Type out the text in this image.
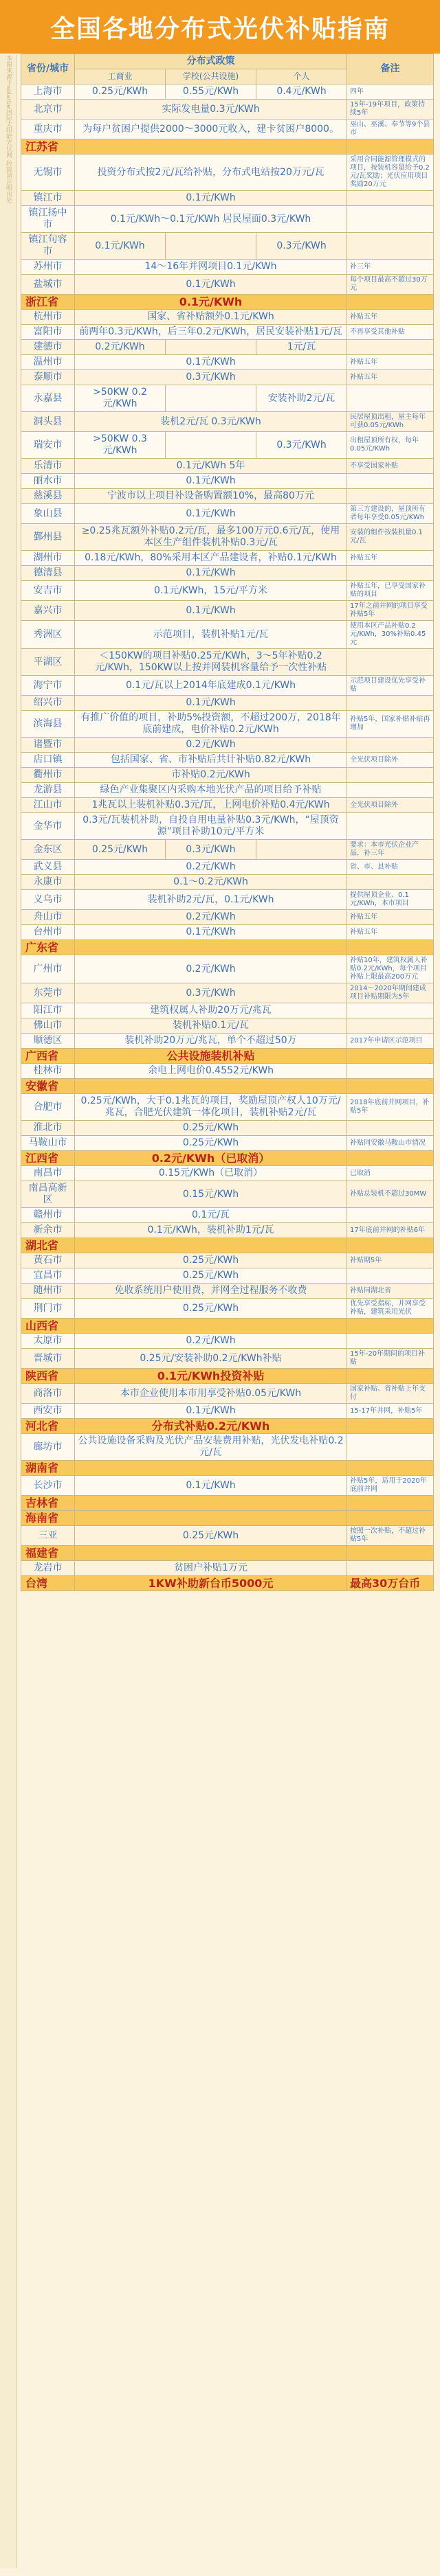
全国各地分布式光伏补贴指南
本图来源于solarbe国际太阳能光伏网 转载请注明出处 省份/城市	分布式政策			备注
	工商业	学校(公共设施)	个人	
上海市	0.25元/KWh	0.55元/KWh	0.4元/KWh	四年
北京市	实际发电量0.3元/KWh			15年-19年项目，政策持续5年
重庆市	为每户贫困户提供2000～3000元收入，建卡贫困户8000。			巫山、巫溪、奉节等9个县市
江苏省				
无锡市	投资分布式按2元/瓦给补贴，分布式电站按20万元/瓦			采用合同能源管理模式的项目，按装机容量给予0.2元/瓦奖励；光伏应用项目奖励20万元
镇江市	0.1元/KWh			
镇江扬中市	0.1元/KWh～0.1元/KWh 居民屋面0.3元/KWh			
镇江句容市	0.1元/KWh		0.3元/KWh	
苏州市	14～16年并网项目0.1元/KWh			补三年
盐城市	0.1元/KWh			每个项目最高不超过30万元
浙江省	0.1元/KWh			
杭州市	国家、省补贴额外0.1元/KWh			补贴五年
富阳市	前两年0.3元/KWh，后三年0.2元/KWh，居民安装补贴1元/瓦			不再享受其他补贴
建德市	0.2元/KWh		1元/瓦	
温州市	0.1元/KWh			补贴五年
泰顺市	0.3元/KWh			补贴五年
永嘉县	>50KW 0.2元/KWh		安装补助2元/瓦	
洞头县	装机2元/瓦 0.3元/KWh			民居屋顶出租，屋主每年可获0.05元/KWh
瑞安市	>50KW 0.3元/KWh		0.3元/KWh	出租屋顶所有权，每年0.05元/KWh
乐清市	0.1元/KWh 5年			不享受国家补贴
丽水市	0.1元/KWh			
慈溪县	宁波市以上项目补设备购置额10%，最高80万元			
象山县	0.1元/KWh			第三方建设的，屋顶所有者每年享受0.05元/KWh
鄞州县	≥0.25兆瓦额外补贴0.2元/瓦，最多100万元0.6元/瓦，使用本区生产组件装机补贴0.3元/瓦			安装的组件按装机量0.1元/瓦
湖州市	0.18元/KWh，80%采用本区产品建设者，补贴0.1元/KWh			补贴五年
德清县	0.1元/KWh			
安吉市	0.1元/KWh，15元/平方米			补贴五年，已享受国家补贴的项目
嘉兴市	0.1元/KWh			17年之前并网的项目享受补贴5年
秀洲区	示范项目，装机补贴1元/瓦			使用本区产品补贴0.2元/KWh，30%补贴0.45元
平湖区	＜150KW的项目补贴0.25元/KWh，3～5年补贴0.2元/KWh，150KW以上按并网装机容量给予一次性补贴			
海宁市	0.1元/瓦以上2014年底建成0.1元/KWh			示范项目建设优先享受补贴
绍兴市	0.1元/KWh			
滨海县	有推广价值的项目，补助5%投资额，不超过200万，2018年底前建成，电价补贴0.2元/KWh			补贴5年，国家补贴补贴再增加
诸暨市	0.2元/KWh			
店口镇	包括国家、省、市补贴后共计补贴0.82元/KWh			全光伏项目除外
衢州市	市补贴0.2元/KWh			
龙游县	绿色产业集聚区内采购本地光伏产品的项目给予补贴			
江山市	1兆瓦以上装机补贴0.3元/瓦，上网电价补贴0.4元/KWh			全光伏项目除外
金华市	0.3元/瓦装机补助，自投自用电量补贴0.3元/KWh，“屋顶资源”项目补助10元/平方米			
金东区	0.25元/KWh	0.3元/KWh		要求：本市光伏企业产品，补三年
武义县	0.2元/KWh			省、市、县补贴
永康市	0.1～0.2元/KWh			
义乌市	装机补助2元/瓦，0.1元/KWh			提供屋顶企业、0.1元/KWh，本市项目
舟山市	0.2元/KWh			补贴五年
台州市	0.1元/KWh			补贴五年
广东省				
广州市	0.2元/KWh			补贴10年，建筑权属人补贴0.2元/KWh，每个项目补贴上限最高200万元
东莞市	0.3元/KWh			2014～2020年期间建成项目补贴期限为5年
阳江市	建筑权属人补助20万元/兆瓦			
佛山市	装机补贴0.1元/瓦			
顺德区	装机补助20万元/兆瓦，单个不超过50万			2017年申请区示范项目
广西省	公共设施装机补贴			
桂林市	余电上网电价0.4552元/KWh			
安徽省				
合肥市	0.25元/KWh，大于0.1兆瓦的项目，奖励屋顶产权人10万元/兆瓦，合肥光伏建筑一体化项目，装机补贴2元/瓦			2018年底前并网项目，补贴5年
淮北市	0.25元/KWh			
马鞍山市	0.25元/KWh			补贴同安徽马鞍山市情况
江西省	0.2元/KWh（已取消）			
南昌市	0.15元/KWh（已取消）			已取消
南昌高新区	0.15元/KWh			补贴总装机不超过30MW
赣州市	0.1元/瓦			
新余市	0.1元/KWh，装机补助1元/瓦			17年底前并网的补贴6年
湖北省				
黄石市	0.25元/KWh			补贴期5年
宜昌市	0.25元/KWh			
随州市	免收系统用户使用费，并网全过程服务不收费			补贴同湖北省
荆门市	0.25元/KWh			优先享受指标，并网享受补贴，建筑采用光伏
山西省				
太原市	0.2元/KWh			
晋城市	0.25元/安装补助0.2元/KWh补贴			15年-20年期间的项目补贴
陕西省	0.1元/KWh投资补贴			
商洛市	本市企业使用本市用享受补贴0.05元/KWh			国家补贴、省补贴上年支付
西安市	0.1元/KWh			15-17年并网，补贴5年
河北省	分布式补贴0.2元/KWh			
廊坊市	公共设施设备采购及光伏产品安装费用补贴，光伏发电补贴0.2元/瓦			
湖南省				
长沙市	0.1元/KWh			补贴5年，适用于2020年底前并网
吉林省				
海南省				
三亚	0.25元/KWh			按照一次补贴，不超过补贴5年
福建省				
龙岩市	贫困户补贴1万元			
台湾	1KW补助新台币5000元			最高30万台币
